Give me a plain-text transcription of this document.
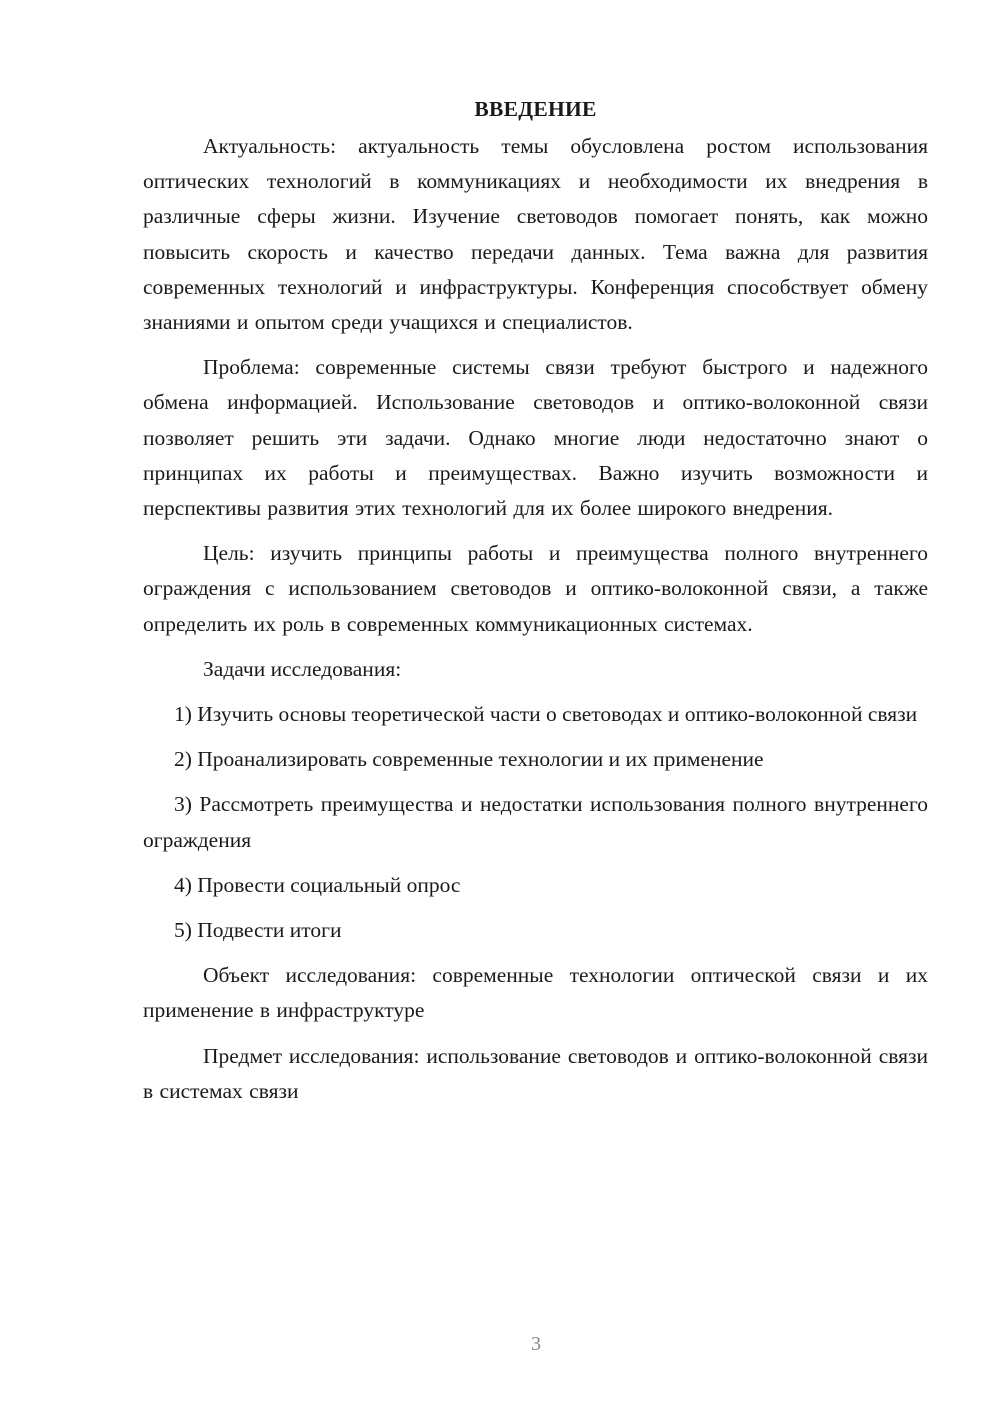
ВВЕДЕНИЕ

Актуальность: актуальность темы обусловлена ростом использования оптических технологий в коммуникациях и необходимости их внедрения в различные сферы жизни. Изучение световодов помогает понять, как можно повысить скорость и качество передачи данных. Тема важна для развития современных технологий и инфраструктуры. Конференция способствует обмену знаниями и опытом среди учащихся и специалистов.

Проблема: современные системы связи требуют быстрого и надежного обмена информацией. Использование световодов и оптико-волоконной связи позволяет решить эти задачи. Однако многие люди недостаточно знают о принципах их работы и преимуществах. Важно изучить возможности и перспективы развития этих технологий для их более широкого внедрения.

Цель: изучить принципы работы и преимущества полного внутреннего ограждения с использованием световодов и оптико-волоконной связи, а также определить их роль в современных коммуникационных системах.

Задачи исследования:

1) Изучить основы теоретической части о световодах и оптико-волоконной связи

2) Проанализировать современные технологии и их применение

3) Рассмотреть преимущества и недостатки использования полного внутреннего ограждения

4) Провести социальный опрос

5) Подвести итоги

Объект исследования: современные технологии оптической связи и их применение в инфраструктуре

Предмет исследования: использование световодов и оптико-волоконной связи в системах связи

3
